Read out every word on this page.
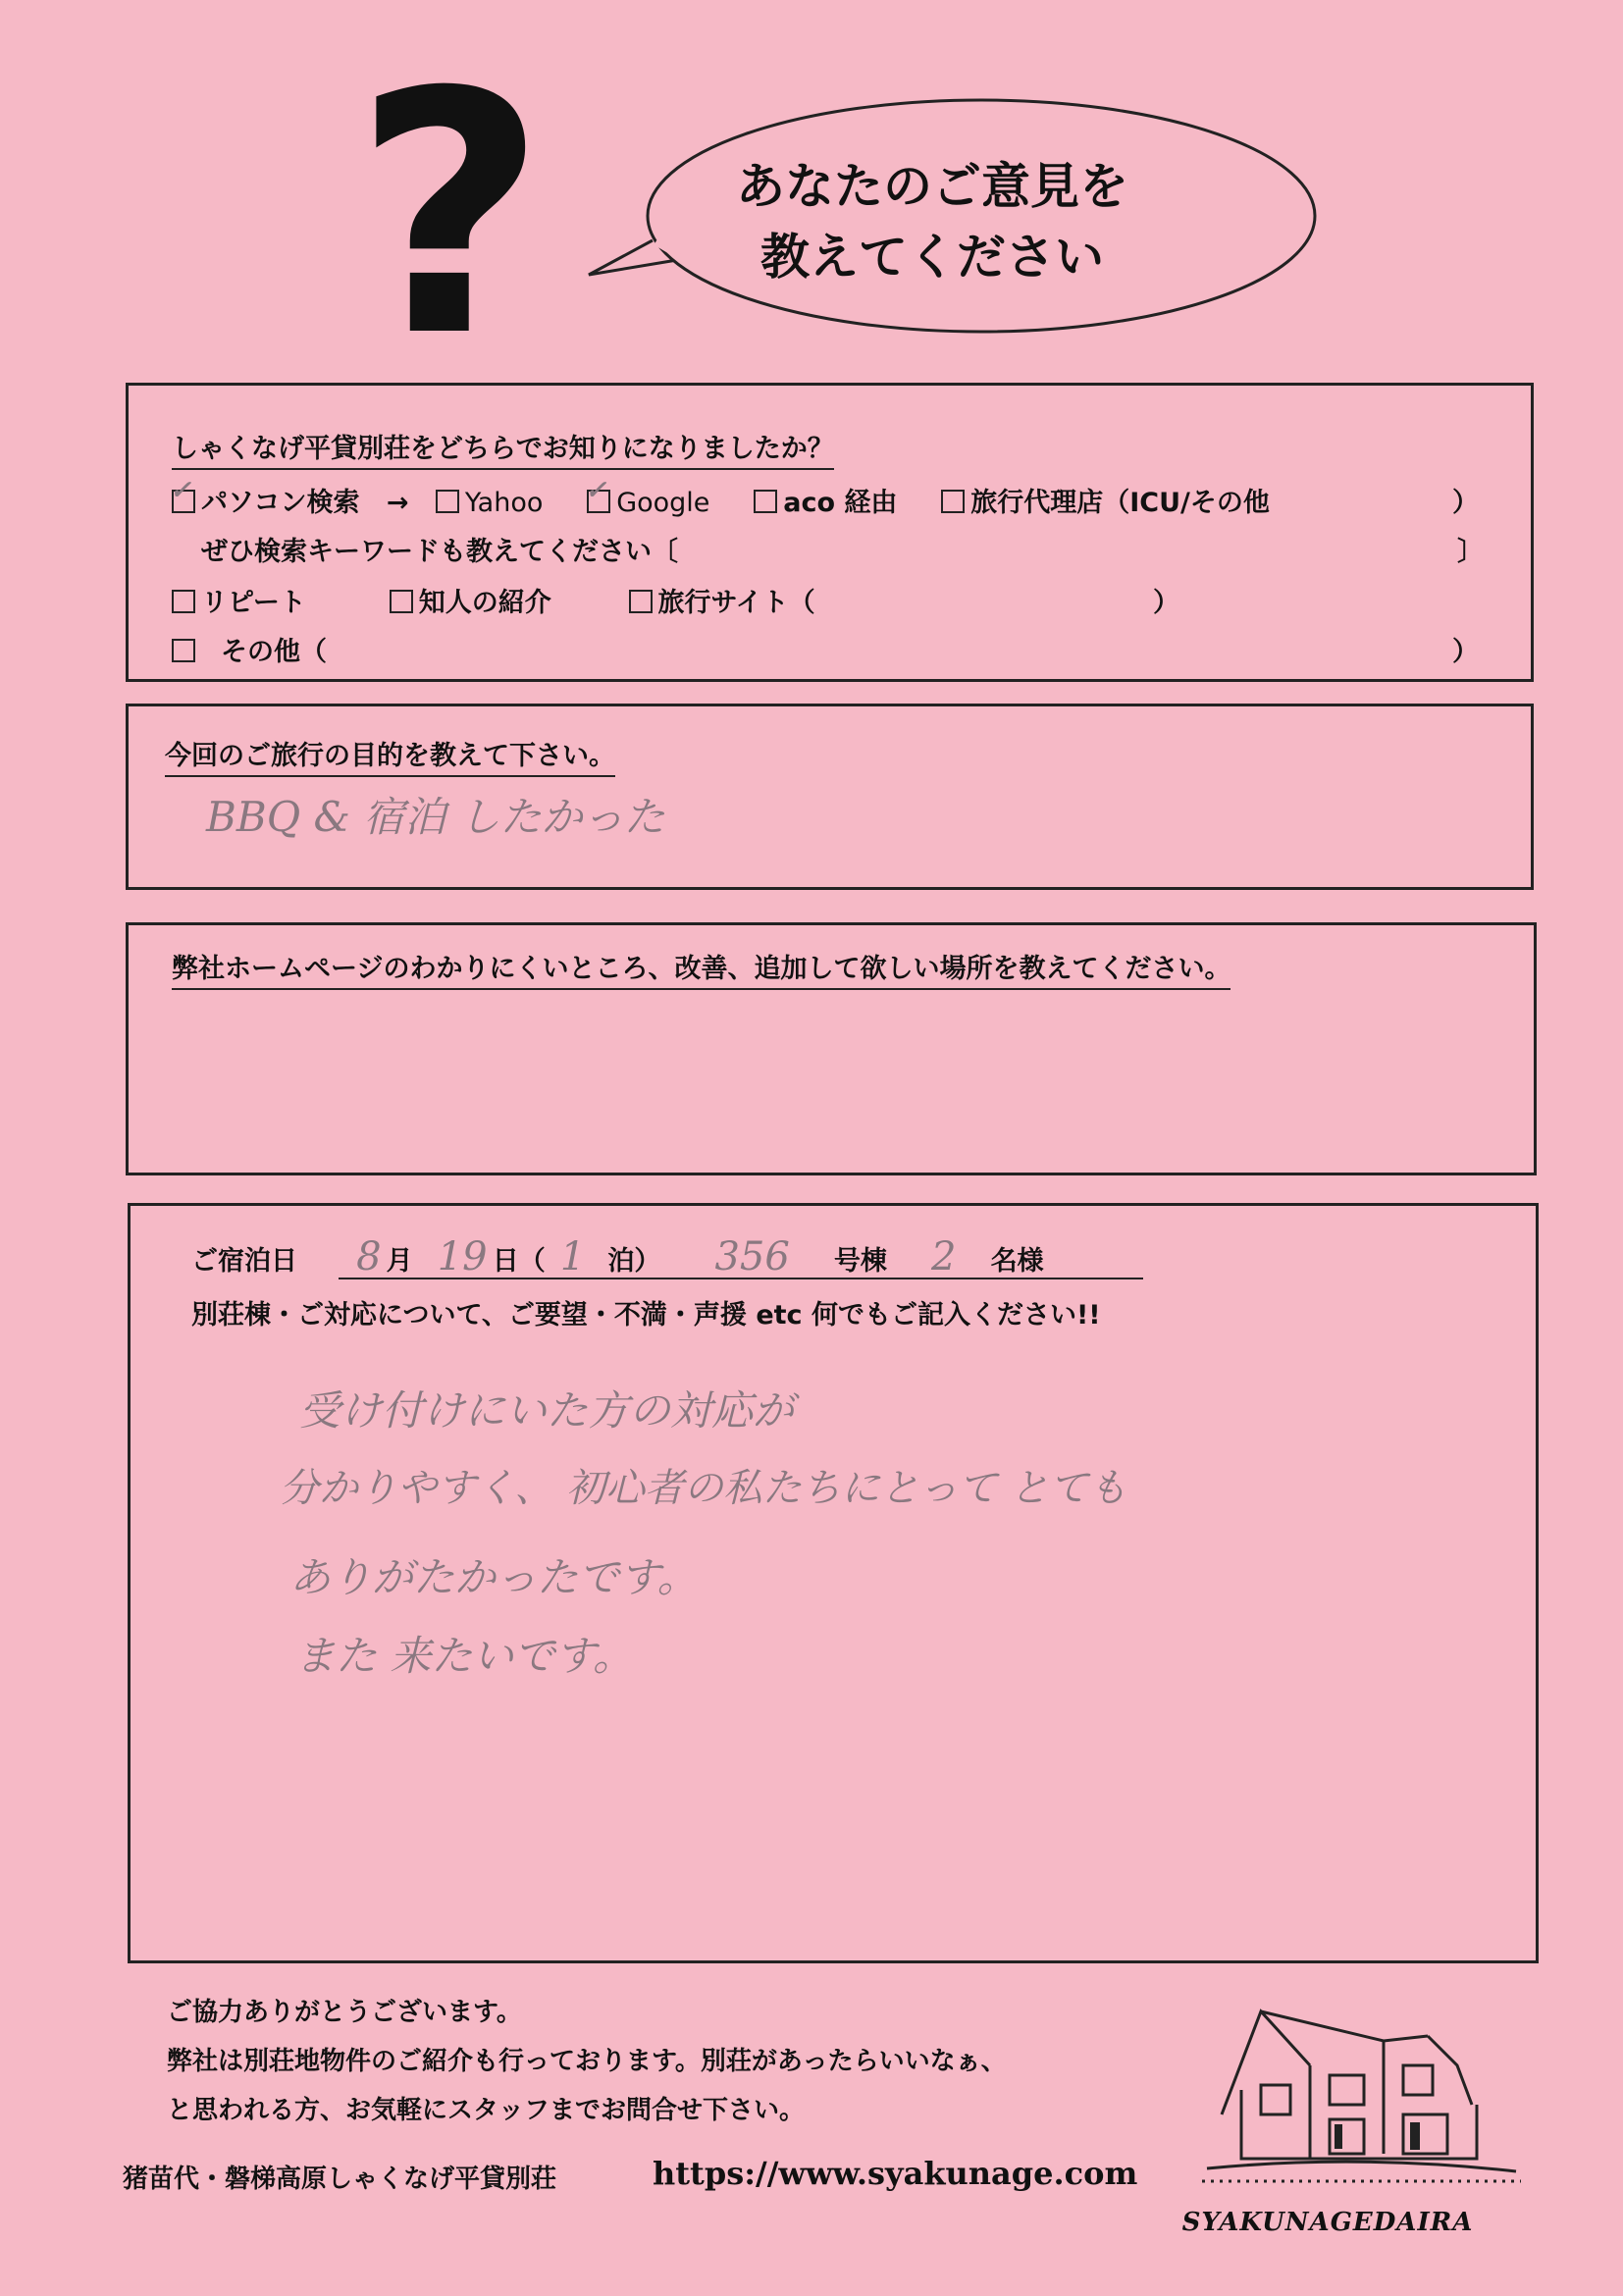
?	あなたのご意見を
教えてください
しゃくなげ平貸別荘をどちらでお知りになりましたか？
✓ パソコン検索 → Yahoo ✓ Google	aco 経由	旅行代理店（ICU/その他	）
ぜひ検索キーワードも教えてください〔	〕
リピート	知人の紹介	旅行サイト（	）
その他（	）
今回のご旅行の目的を教えて下さい。
BBQ & 宿泊 したかった
弊社ホームページのわかりにくいところ、改善、追加して欲しい場所を教えてください。
ご宿泊日 8 月 19 日（ 1 泊） 356 号棟 2 名様
別荘棟・ご対応について、ご要望・不満・声援 etc 何でもご記入ください!!
受け付けにいた方の対応が
分かりやすく、 初心者の私たちにとって とても
ありがたかったです。
また 来たいです。
ご協力ありがとうございます。
弊社は別荘地物件のご紹介も行っております。別荘があったらいいなぁ、
と思われる方、お気軽にスタッフまでお問合せ下さい。
猪苗代・磐梯高原しゃくなげ平貸別荘	https://www.syakunage.com
SYAKUNAGEDAIRA
